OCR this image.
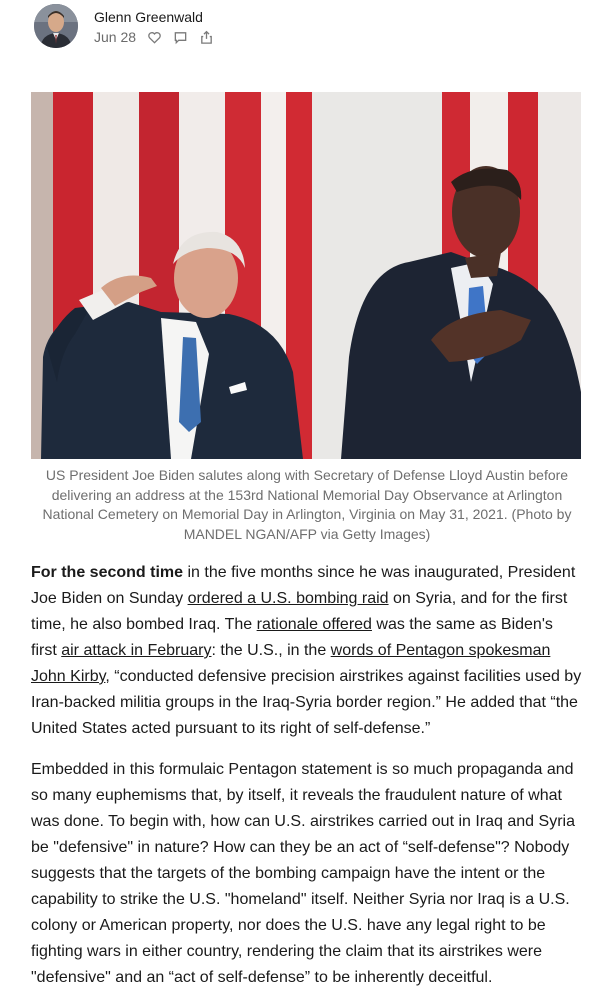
Glenn Greenwald
Jun 28
US President Joe Biden salutes along with Secretary of Defense Lloyd Austin before delivering an address at the 153rd National Memorial Day Observance at Arlington National Cemetery on Memorial Day in Arlington, Virginia on May 31, 2021. (Photo by MANDEL NGAN/AFP via Getty Images)

For the second time in the five months since he was inaugurated, President Joe Biden on Sunday ordered a U.S. bombing raid on Syria, and for the first time, he also bombed Iraq. The rationale offered was the same as Biden's first air attack in February: the U.S., in the words of Pentagon spokesman John Kirby, “conducted defensive precision airstrikes against facilities used by Iran-backed militia groups in the Iraq-Syria border region.” He added that “the United States acted pursuant to its right of self-defense.”

Embedded in this formulaic Pentagon statement is so much propaganda and so many euphemisms that, by itself, it reveals the fraudulent nature of what was done. To begin with, how can U.S. airstrikes carried out in Iraq and Syria be "defensive" in nature? How can they be an act of “self-defense"? Nobody suggests that the targets of the bombing campaign have the intent or the capability to strike the U.S. "homeland" itself. Neither Syria nor Iraq is a U.S. colony or American property, nor does the U.S. have any legal right to be fighting wars in either country, rendering the claim that its airstrikes were "defensive" and an “act of self-defense” to be inherently deceitful.
